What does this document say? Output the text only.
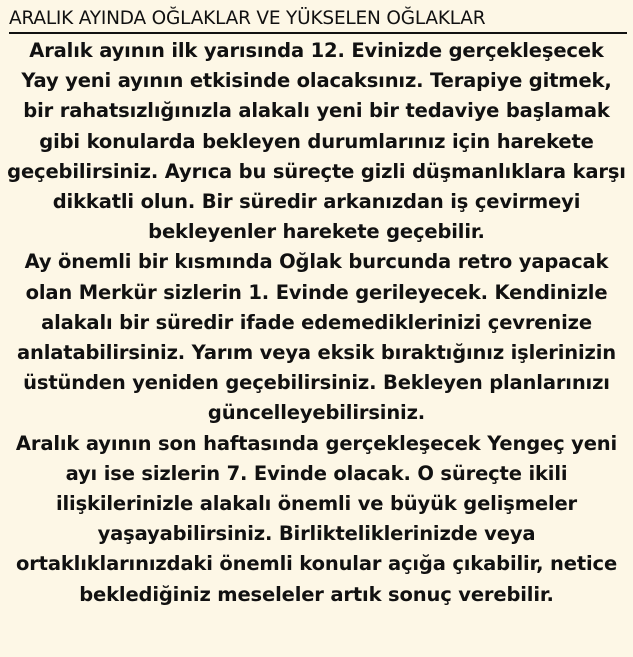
ARALIK AYINDA OĞLAKLAR VE YÜKSELEN OĞLAKLAR
Aralık ayının ilk yarısında 12. Evinizde gerçekleşecek
Yay yeni ayının etkisinde olacaksınız. Terapiye gitmek,
bir rahatsızlığınızla alakalı yeni bir tedaviye başlamak
gibi konularda bekleyen durumlarınız için harekete
geçebilirsiniz. Ayrıca bu süreçte gizli düşmanlıklara karşı
dikkatli olun. Bir süredir arkanızdan iş çevirmeyi
bekleyenler harekete geçebilir.
Ay önemli bir kısmında Oğlak burcunda retro yapacak
olan Merkür sizlerin 1. Evinde gerileyecek. Kendinizle
alakalı bir süredir ifade edemediklerinizi çevrenize
anlatabilirsiniz. Yarım veya eksik bıraktığınız işlerinizin
üstünden yeniden geçebilirsiniz. Bekleyen planlarınızı
güncelleyebilirsiniz.
Aralık ayının son haftasında gerçekleşecek Yengeç yeni
ayı ise sizlerin 7. Evinde olacak. O süreçte ikili
ilişkilerinizle alakalı önemli ve büyük gelişmeler
yaşayabilirsiniz. Birlikteliklerinizde veya
ortaklıklarınızdaki önemli konular açığa çıkabilir, netice
beklediğiniz meseleler artık sonuç verebilir.
